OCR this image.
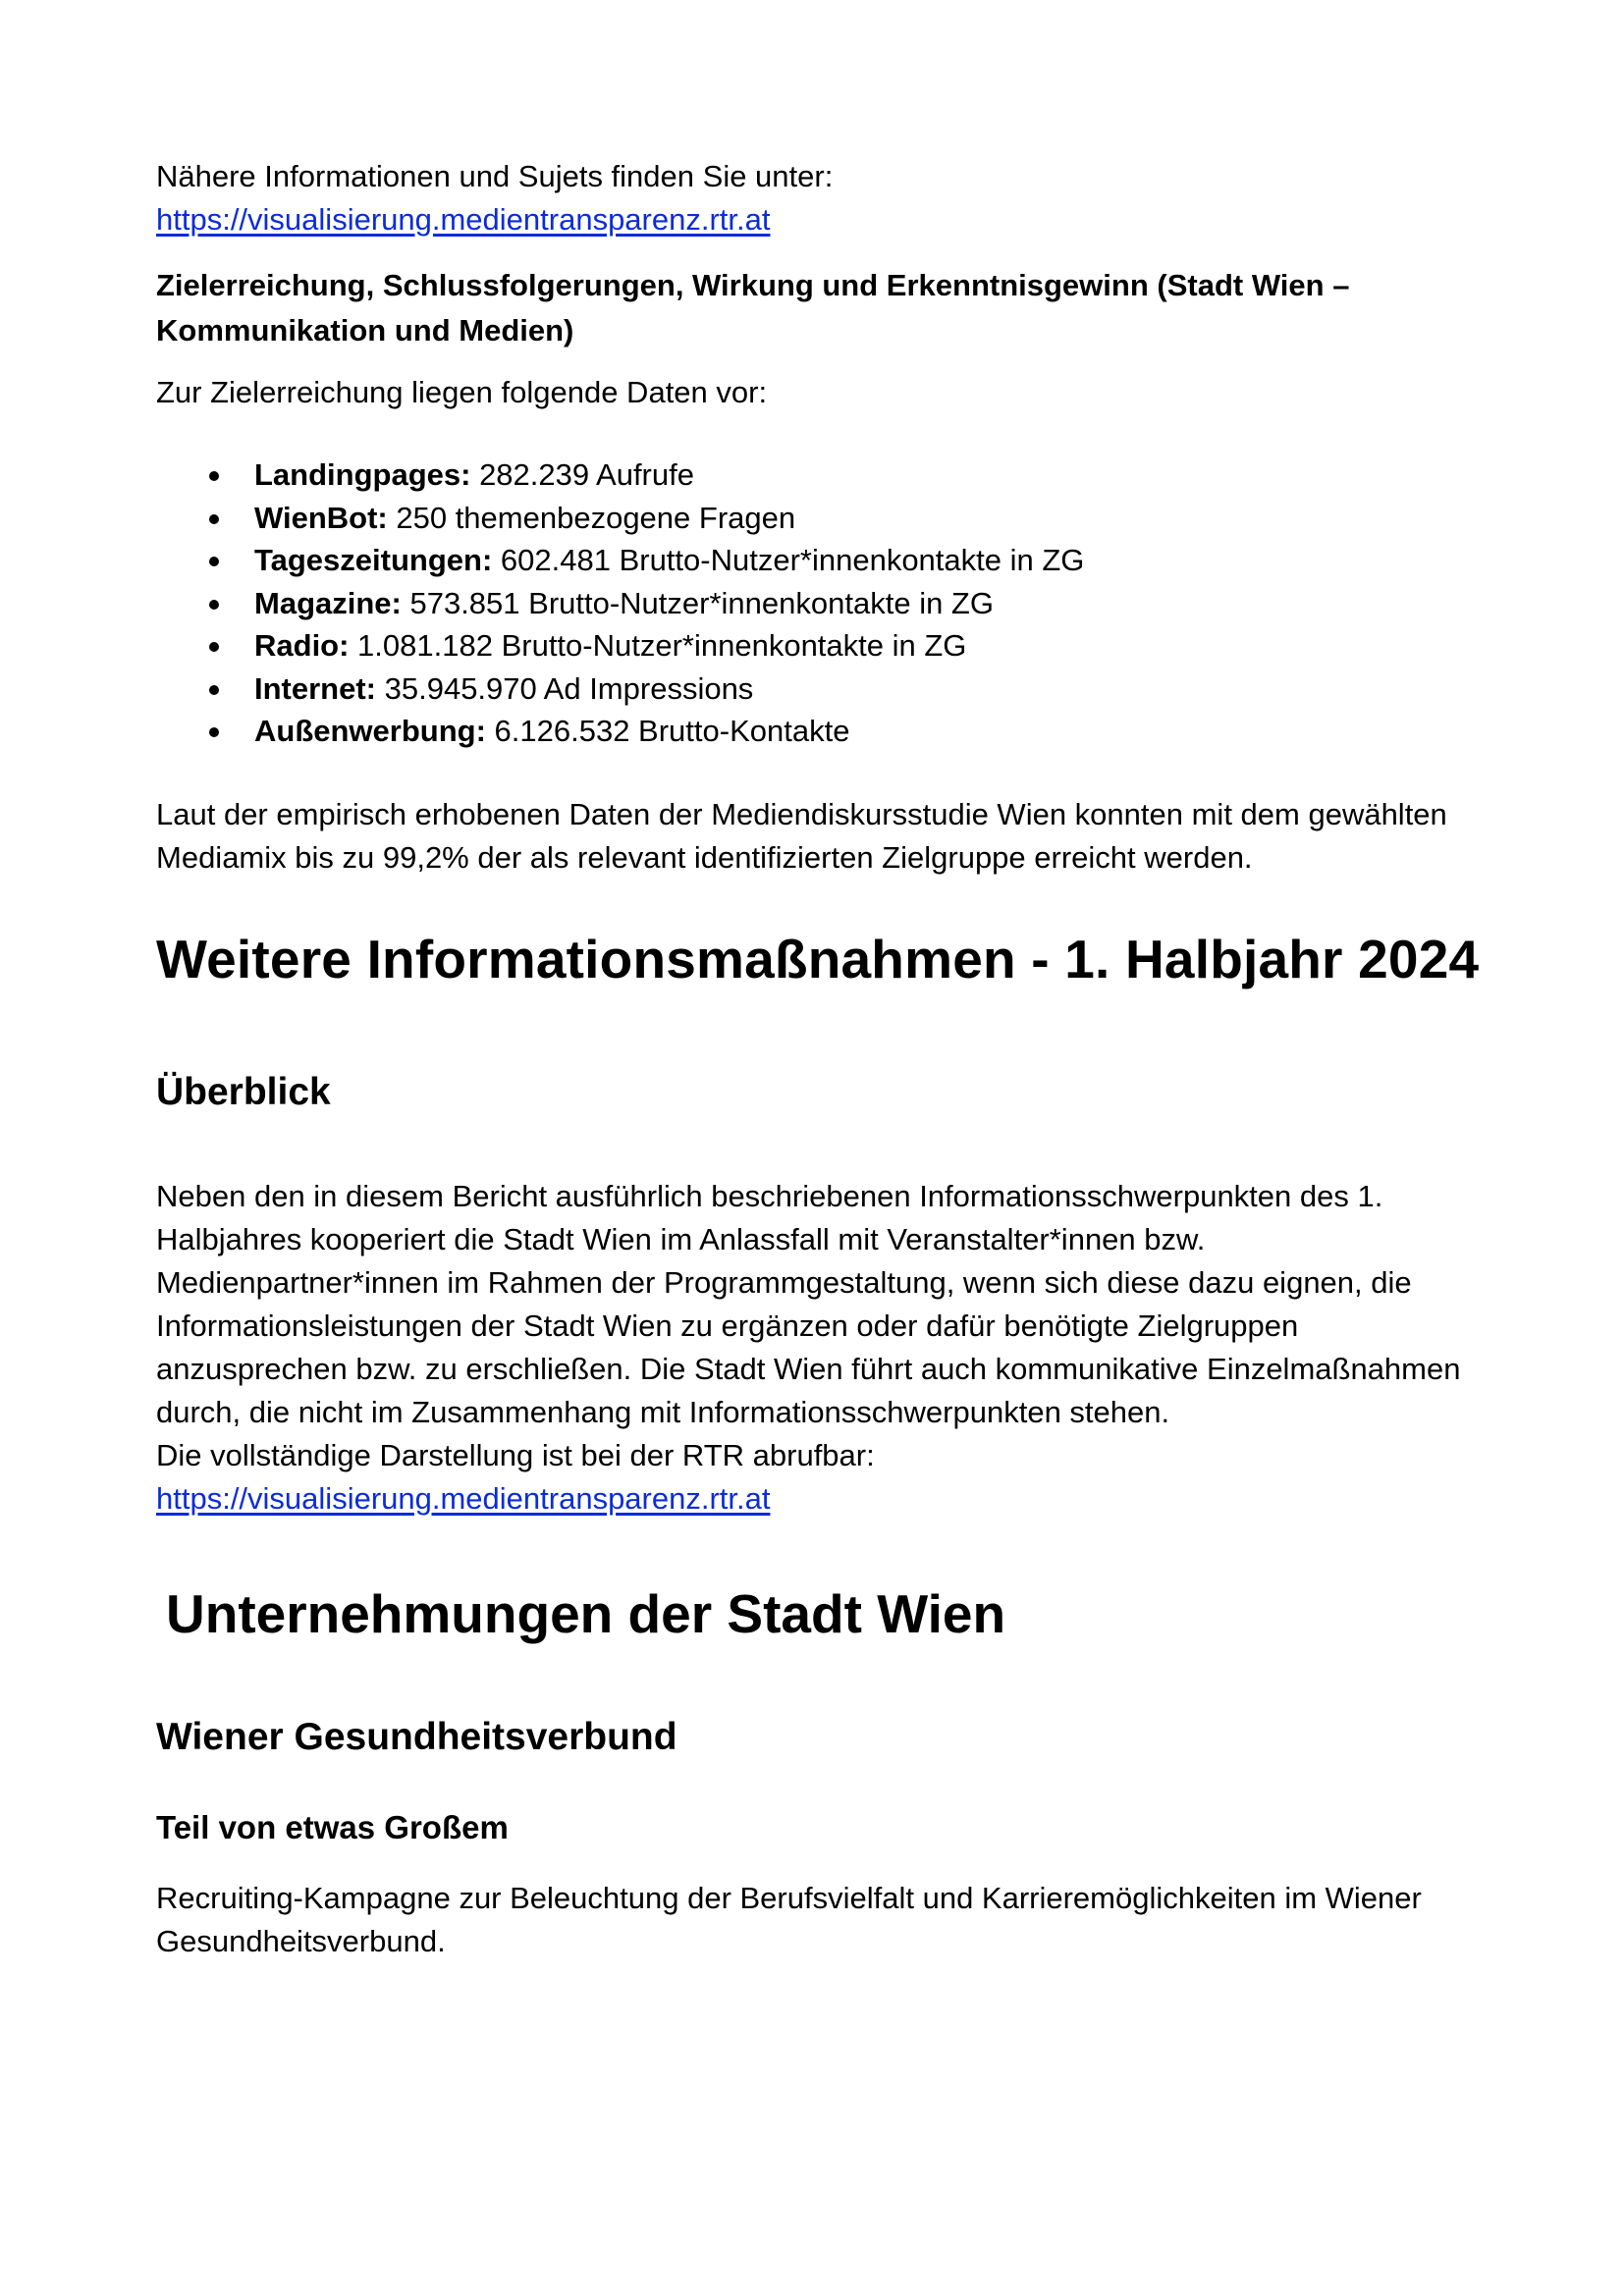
Nähere Informationen und Sujets finden Sie unter:

https://visualisierung.medientransparenz.rtr.at

Zielerreichung, Schlussfolgerungen, Wirkung und Erkenntnisgewinn (Stadt Wien – Kommunikation und Medien)

Zur Zielerreichung liegen folgende Daten vor:

Landingpages: 282.239 Aufrufe
WienBot: 250 themenbezogene Fragen
Tageszeitungen: 602.481 Brutto-Nutzer*innenkontakte in ZG
Magazine: 573.851 Brutto-Nutzer*innenkontakte in ZG
Radio: 1.081.182 Brutto-Nutzer*innenkontakte in ZG
Internet: 35.945.970 Ad Impressions
Außenwerbung: 6.126.532 Brutto-Kontakte

Laut der empirisch erhobenen Daten der Mediendiskursstudie Wien konnten mit dem gewählten Mediamix bis zu 99,2% der als relevant identifizierten Zielgruppe erreicht werden.

Weitere Informationsmaßnahmen - 1. Halbjahr 2024
Überblick

Neben den in diesem Bericht ausführlich beschriebenen Informationsschwerpunkten des 1. Halbjahres kooperiert die Stadt Wien im Anlassfall mit Veranstalter*innen bzw. Medienpartner*innen im Rahmen der Programmgestaltung, wenn sich diese dazu eignen, die Informationsleistungen der Stadt Wien zu ergänzen oder dafür benötigte Zielgruppen anzusprechen bzw. zu erschließen. Die Stadt Wien führt auch kommunikative Einzelmaßnahmen durch, die nicht im Zusammenhang mit Informationsschwerpunkten stehen.

Die vollständige Darstellung ist bei der RTR abrufbar:

https://visualisierung.medientransparenz.rtr.at

Unternehmungen der Stadt Wien
Wiener Gesundheitsverbund
Teil von etwas Großem

Recruiting-Kampagne zur Beleuchtung der Berufsvielfalt und Karrieremöglichkeiten im Wiener Gesundheitsverbund.
